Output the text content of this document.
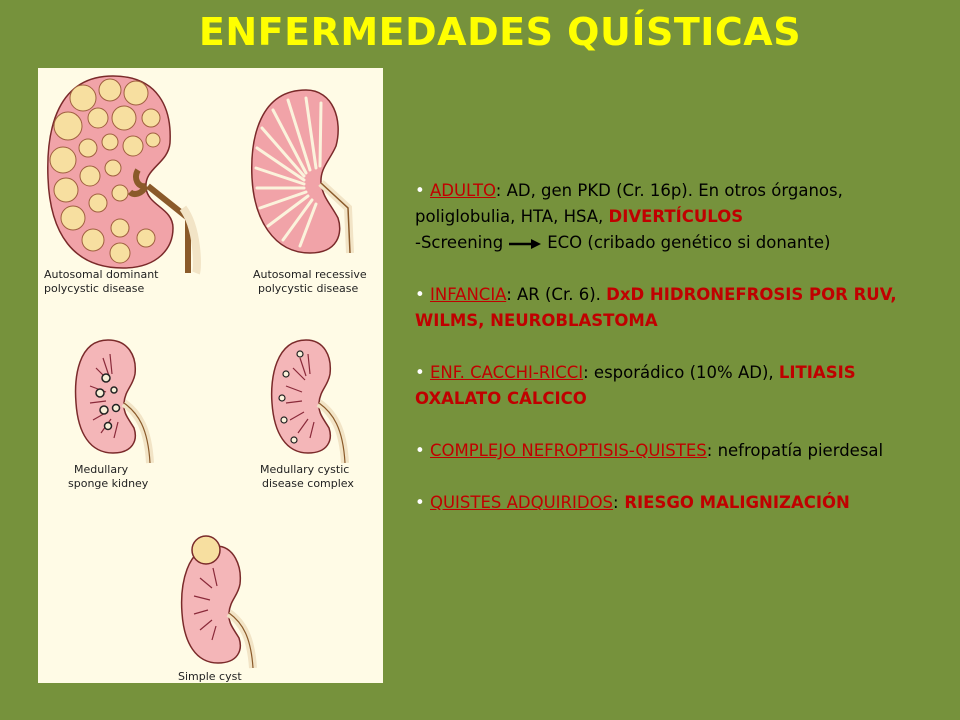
ENFERMEDADES QUÍSTICAS
Autosomal dominant
polycystic disease
Autosomal recessive
polycystic disease
Medullary
sponge kidney
Medullary cystic
disease complex
Simple cyst
• ADULTO: AD, gen PKD (Cr. 16p). En otros órganos, poliglobulia, HTA, HSA, DIVERTÍCULOS
-Screening	ECO (cribado genético si donante)
• INFANCIA: AR (Cr. 6). DxD HIDRONEFROSIS POR RUV, WILMS, NEUROBLASTOMA
• ENF. CACCHI-RICCI: esporádico (10% AD), LITIASIS OXALATO CÁLCICO
• COMPLEJO NEFROPTISIS-QUISTES: nefropatía pierdesal
• QUISTES ADQUIRIDOS: RIESGO MALIGNIZACIÓN
